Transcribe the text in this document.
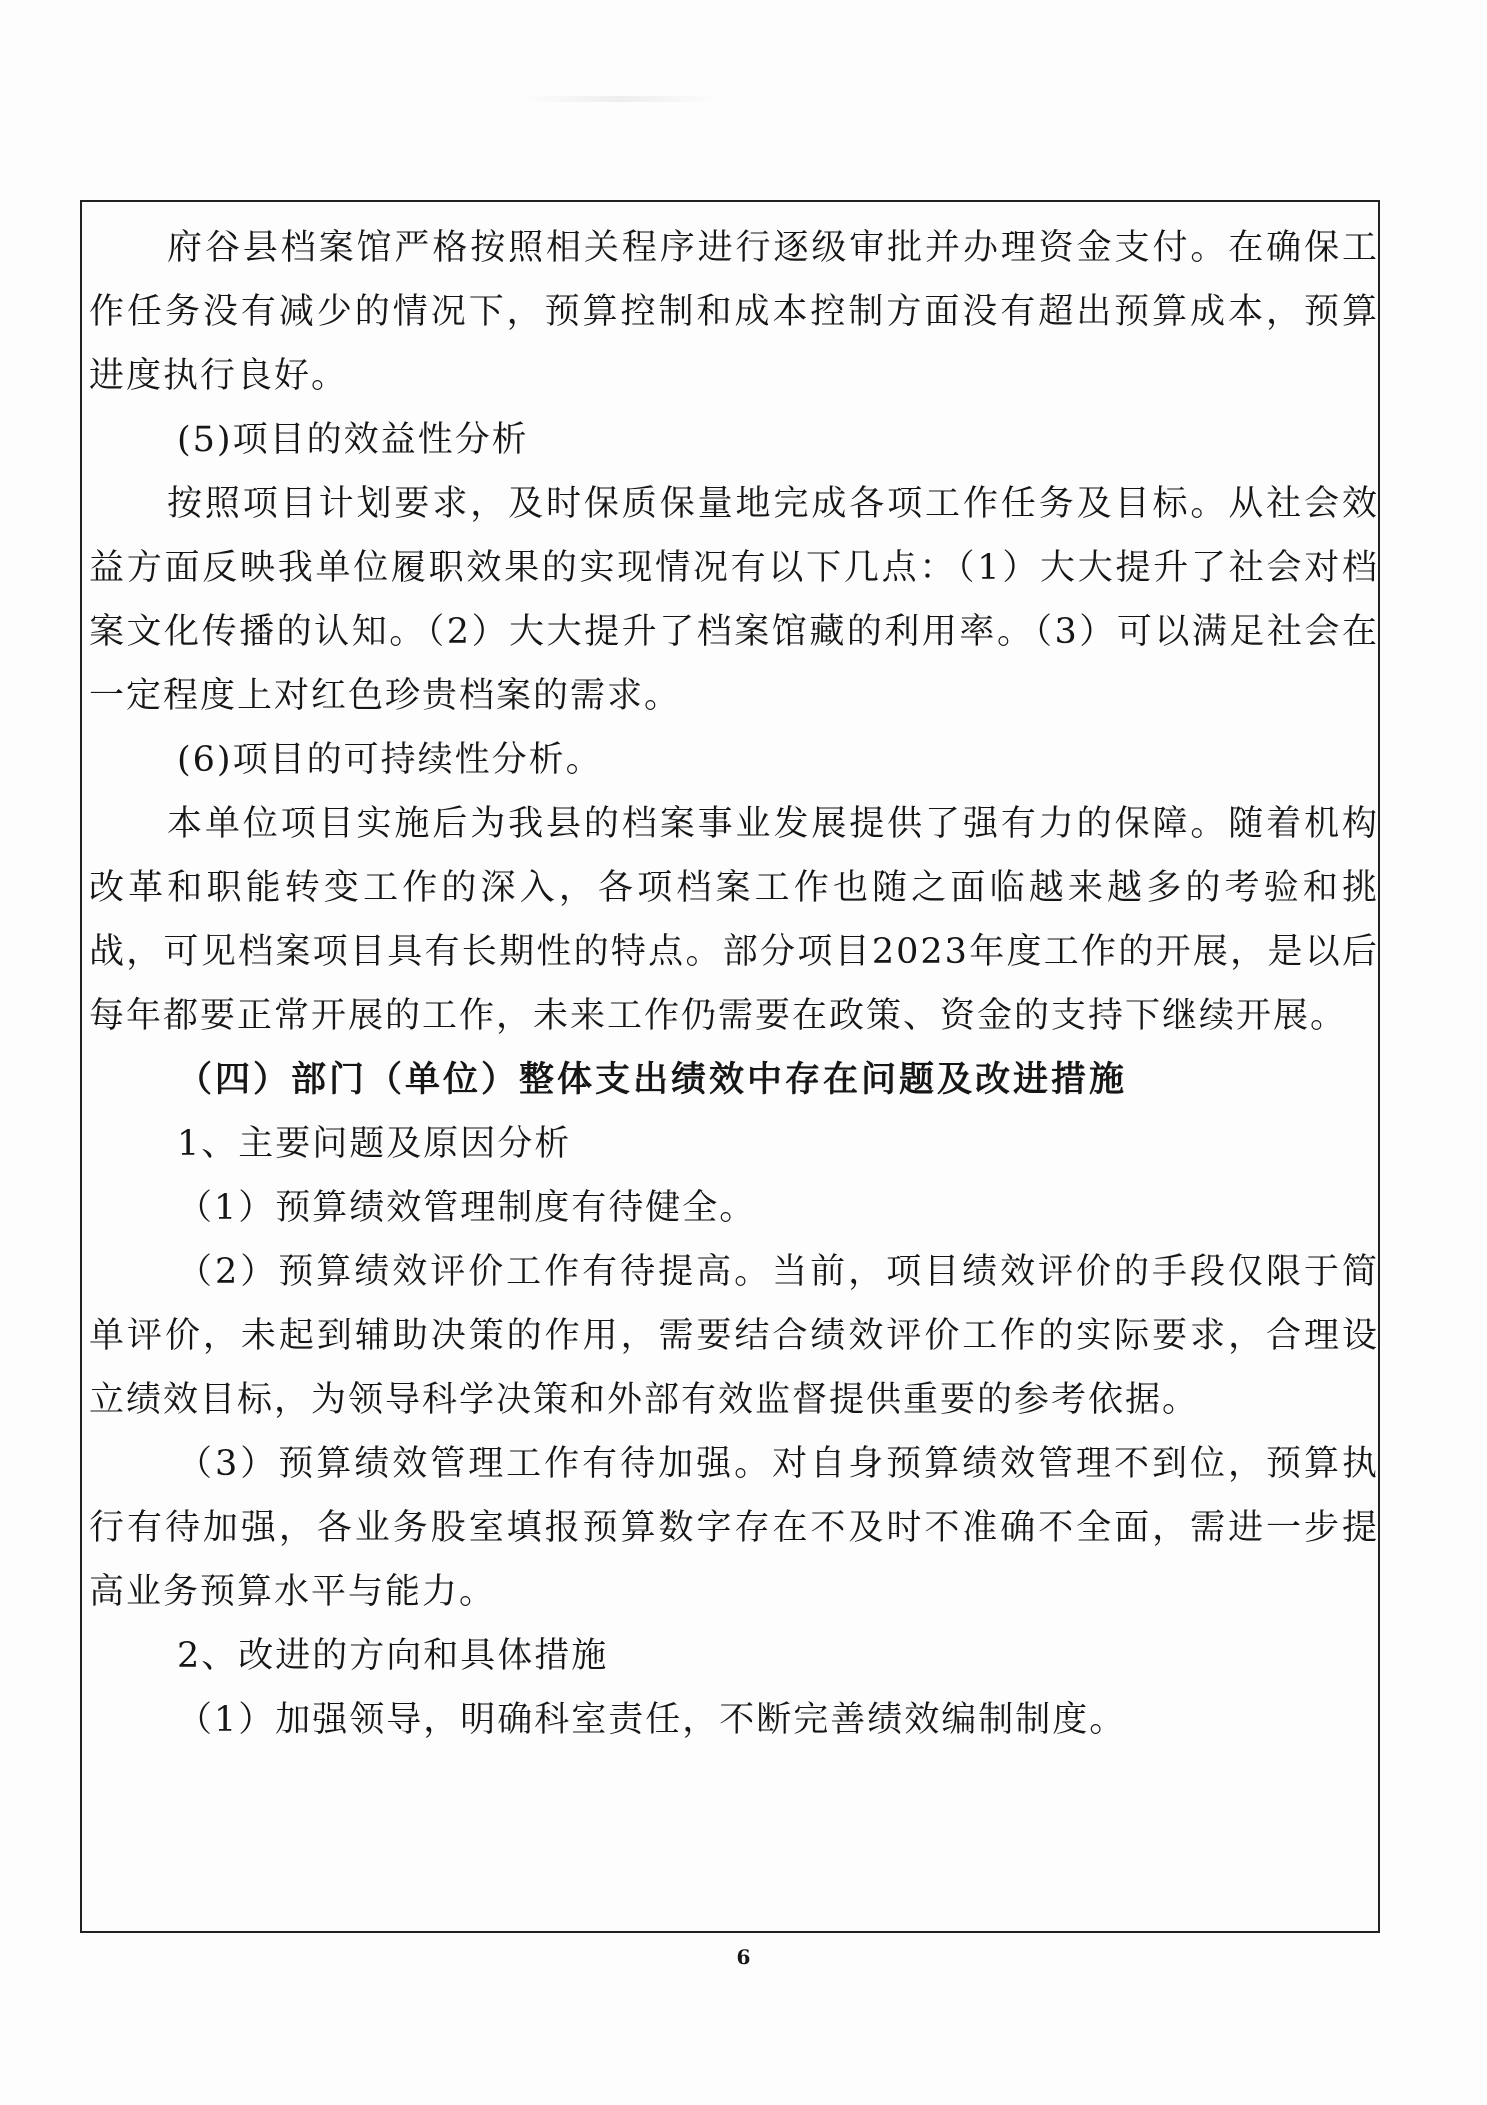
府谷县档案馆严格按照相关程序进行逐级审批并办理资金支付。在确保工作任务没有减少的情况下，预算控制和成本控制方面没有超出预算成本，预算进度执行良好。

(5)项目的效益性分析

按照项目计划要求，及时保质保量地完成各项工作任务及目标。从社会效益方面反映我单位履职效果的实现情况有以下几点：（1）大大提升了社会对档案文化传播的认知。（2）大大提升了档案馆藏的利用率。（3）可以满足社会在一定程度上对红色珍贵档案的需求。

(6)项目的可持续性分析。

本单位项目实施后为我县的档案事业发展提供了强有力的保障。随着机构改革和职能转变工作的深入，各项档案工作也随之面临越来越多的考验和挑战，可见档案项目具有长期性的特点。部分项目2023年度工作的开展，是以后每年都要正常开展的工作，未来工作仍需要在政策、资金的支持下继续开展。

（四）部门（单位）整体支出绩效中存在问题及改进措施

1、主要问题及原因分析

（1）预算绩效管理制度有待健全。

（2）预算绩效评价工作有待提高。当前，项目绩效评价的手段仅限于简单评价，未起到辅助决策的作用，需要结合绩效评价工作的实际要求，合理设立绩效目标，为领导科学决策和外部有效监督提供重要的参考依据。

（3）预算绩效管理工作有待加强。对自身预算绩效管理不到位，预算执行有待加强，各业务股室填报预算数字存在不及时不准确不全面，需进一步提高业务预算水平与能力。

2、改进的方向和具体措施

（1）加强领导，明确科室责任，不断完善绩效编制制度。

6
